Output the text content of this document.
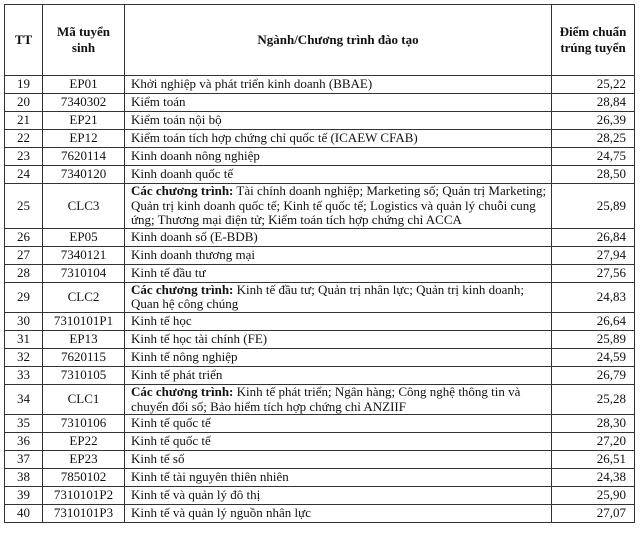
TT	Mã tuyển sinh	Ngành/Chương trình đào tạo	Điểm chuẩn trúng tuyển
19	EP01	Khởi nghiệp và phát triển kinh doanh (BBAE)	25,22
20	7340302	Kiểm toán	28,84
21	EP21	Kiểm toán nội bộ	26,39
22	EP12	Kiểm toán tích hợp chứng chỉ quốc tế (ICAEW CFAB)	28,25
23	7620114	Kinh doanh nông nghiệp	24,75
24	7340120	Kinh doanh quốc tế	28,50
25	CLC3	Các chương trình: Tài chính doanh nghiệp; Marketing số; Quản trị Marketing; Quản trị kinh doanh quốc tế; Kinh tế quốc tế; Logistics và quản lý chuỗi cung ứng; Thương mại điện tử; Kiểm toán tích hợp chứng chỉ ACCA	25,89
26	EP05	Kinh doanh số (E-BDB)	26,84
27	7340121	Kinh doanh thương mại	27,94
28	7310104	Kinh tế đầu tư	27,56
29	CLC2	Các chương trình: Kinh tế đầu tư; Quản trị nhân lực; Quản trị kinh doanh; Quan hệ công chúng	24,83
30	7310101P1	Kinh tế học	26,64
31	EP13	Kinh tế học tài chính (FE)	25,89
32	7620115	Kinh tế nông nghiệp	24,59
33	7310105	Kinh tế phát triển	26,79
34	CLC1	Các chương trình: Kinh tế phát triển; Ngân hàng; Công nghệ thông tin và chuyển đổi số; Bảo hiểm tích hợp chứng chỉ ANZIIF	25,28
35	7310106	Kinh tế quốc tế	28,30
36	EP22	Kinh tế quốc tế	27,20
37	EP23	Kinh tế số	26,51
38	7850102	Kinh tế tài nguyên thiên nhiên	24,38
39	7310101P2	Kinh tế và quản lý đô thị	25,90
40	7310101P3	Kinh tế và quản lý nguồn nhân lực	27,07
